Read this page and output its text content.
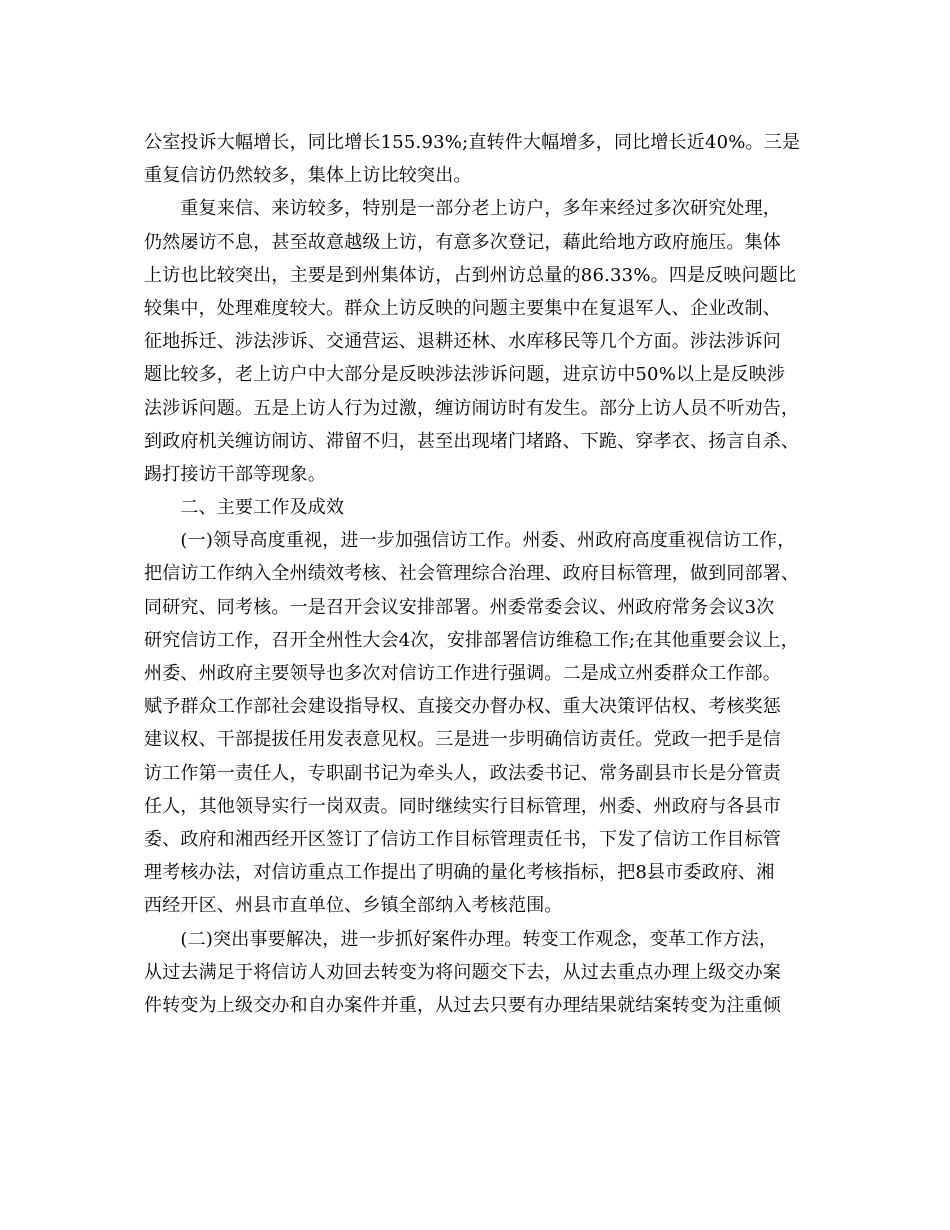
公室投诉大幅增长，同比增长155.93%;直转件大幅增多，同比增长近40%。三是
重复信访仍然较多，集体上访比较突出。
　　重复来信、来访较多，特别是一部分老上访户，多年来经过多次研究处理，
仍然屡访不息，甚至故意越级上访，有意多次登记，藉此给地方政府施压。集体
上访也比较突出，主要是到州集体访，占到州访总量的86.33%。四是反映问题比
较集中，处理难度较大。群众上访反映的问题主要集中在复退军人、企业改制、
征地拆迁、涉法涉诉、交通营运、退耕还林、水库移民等几个方面。涉法涉诉问
题比较多，老上访户中大部分是反映涉法涉诉问题，进京访中50%以上是反映涉
法涉诉问题。五是上访人行为过激，缠访闹访时有发生。部分上访人员不听劝告，
到政府机关缠访闹访、滞留不归，甚至出现堵门堵路、下跪、穿孝衣、扬言自杀、
踢打接访干部等现象。
　　二、主要工作及成效
　　(一)领导高度重视，进一步加强信访工作。州委、州政府高度重视信访工作，
把信访工作纳入全州绩效考核、社会管理综合治理、政府目标管理，做到同部署、
同研究、同考核。一是召开会议安排部署。州委常委会议、州政府常务会议3次
研究信访工作，召开全州性大会4次，安排部署信访维稳工作;在其他重要会议上，
州委、州政府主要领导也多次对信访工作进行强调。二是成立州委群众工作部。
赋予群众工作部社会建设指导权、直接交办督办权、重大决策评估权、考核奖惩
建议权、干部提拔任用发表意见权。三是进一步明确信访责任。党政一把手是信
访工作第一责任人，专职副书记为牵头人，政法委书记、常务副县市长是分管责
任人，其他领导实行一岗双责。同时继续实行目标管理，州委、州政府与各县市
委、政府和湘西经开区签订了信访工作目标管理责任书，下发了信访工作目标管
理考核办法，对信访重点工作提出了明确的量化考核指标，把8县市委政府、湘
西经开区、州县市直单位、乡镇全部纳入考核范围。
　　(二)突出事要解决，进一步抓好案件办理。转变工作观念，变革工作方法，
从过去满足于将信访人劝回去转变为将问题交下去，从过去重点办理上级交办案
件转变为上级交办和自办案件并重，从过去只要有办理结果就结案转变为注重倾
